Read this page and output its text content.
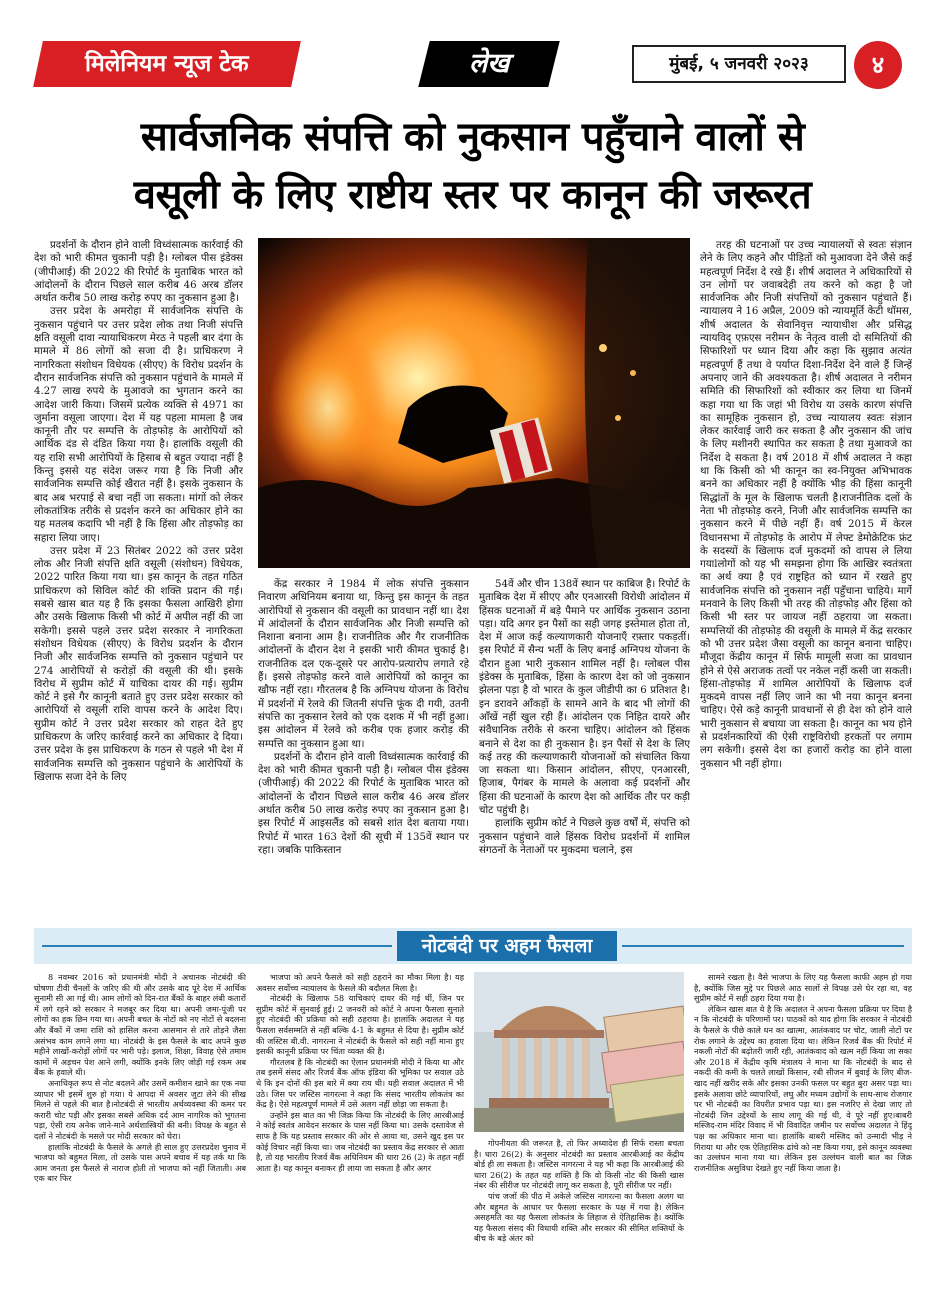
मिलेनियम न्यूज टेक	लेख	मुंबई, ५ जनवरी २०२३	४
सार्वजनिक संपत्ति को नुकसान पहुँचाने वालों से
वसूली के लिए राष्टीय स्तर पर कानून की जरूरत

प्रदर्शनों के दौरान होने वाली विध्वंसात्मक कार्रवाई की देश को भारी कीमत चुकानी पड़ी है। ग्लोबल पीस इंडेक्स (जीपीआई) की 2022 की रिपोर्ट के मुताबिक भारत को आंदोलनों के दौरान पिछले साल करीब 46 अरब डॉलर अर्थात करीब 50 लाख करोड़ रुपए का नुकसान हुआ है।

उत्तर प्रदेश के अमरोहा में सार्वजनिक संपत्ति के नुकसान पहुंचाने पर उत्तर प्रदेश लोक तथा निजी संपत्ति क्षति वसूली दावा न्यायाधिकरण मेरठ ने पहली बार दंगा के मामले में 86 लोगों को सजा दी है। प्राधिकरण ने नागरिकता संशोधन विधेयक (सीएए) के विरोध प्रदर्शन के दौरान सार्वजनिक संपत्ति को नुकसान पहुंचाने के मामले में 4.27 लाख रुपये के मुआवजे का भुगतान करने का आदेश जारी किया। जिसमें प्रत्येक व्यक्ति से 4971 का जुर्माना वसूला जाएगा। देश में यह पहला मामला है जब कानूनी तौर पर सम्पत्ति के तोड़फोड़ के आरोपियों को आर्थिक दंड से दंडित किया गया है। हालांकि वसूली की यह राशि सभी आरोपियों के हिसाब से बहुत ज्यादा नहीं है किन्तु इससे यह संदेश जरूर गया है कि निजी और सार्वजनिक सम्पत्ति कोई खैरात नहीं है। इसके नुकसान के बाद अब भरपाई से बचा नहीं जा सकता। मांगों को लेकर लोकतांत्रिक तरीके से प्रदर्शन करने का अधिकार होने का यह मतलब कदापि भी नहीं है कि हिंसा और तोड़फोड़ का सहारा लिया जाए।

उत्तर प्रदेश में 23 सितंबर 2022 को उत्तर प्रदेश लोक और निजी संपत्ति क्षति वसूली (संशोधन) विधेयक, 2022 पारित किया गया था। इस कानून के तहत गठित प्राधिकरण को सिविल कोर्ट की शक्ति प्रदान की गई। सबसे खास बात यह है कि इसका फैसला आखिरी होगा और उसके खिलाफ किसी भी कोर्ट में अपील नहीं की जा सकेगी। इससे पहले उत्तर प्रदेश सरकार ने नागरिकता संशोधन विधेयक (सीएए) के विरोध प्रदर्शन के दौरान निजी और सार्वजनिक सम्पत्ति को नुकसान पहुंचाने पर 274 आरोपियों से करोड़ों की वसूली की थी। इसके विरोध में सुप्रीम कोर्ट में याचिका दायर की गई। सुप्रीम कोर्ट ने इसे गैर कानूनी बताते हुए उत्तर प्रदेश सरकार को आरोपियों से वसूली राशि वापस करने के आदेश दिए। सुप्रीम कोर्ट ने उत्तर प्रदेश सरकार को राहत देते हुए प्राधिकरण के जरिए कार्रवाई करने का अधिकार दे दिया।उत्तर प्रदेश के इस प्राधिकरण के गठन से पहले भी देश में सार्वजनिक सम्पत्ति को नुकसान पहुंचाने के आरोपियों के खिलाफ सजा देने के लिए

केंद्र सरकार ने 1984 में लोक संपत्ति नुकसान निवारण अधिनियम बनाया था, किन्तु इस कानून के तहत आरोपियों से नुकसान की वसूली का प्रावधान नहीं था। देश में आंदोलनों के दौरान सार्वजनिक और निजी सम्पत्ति को निशाना बनाना आम है। राजनीतिक और गैर राजनीतिक आंदोलनों के दौरान देश ने इसकी भारी कीमत चुकाई है। राजनीतिक दल एक-दूसरे पर आरोप-प्रत्यारोप लगाते रहे हैं। इससे तोड़फोड़ करने वाले आरोपियों को कानून का खौफ नहीं रहा। गौरतलब है कि अग्निपथ योजना के विरोध में प्रदर्शनों में रेलवे की जितनी संपत्ति फूंक दी गयी, उतनी संपत्ति का नुकसान रेलवे को एक दशक में भी नहीं हुआ। इस आंदोलन में रेलवे को करीब एक हजार करोड़ की सम्पत्ति का नुकसान हुआ था।

प्रदर्शनों के दौरान होने वाली विध्वंसात्मक कार्रवाई की देश को भारी कीमत चुकानी पड़ी है। ग्लोबल पीस इंडेक्स (जीपीआई) की 2022 की रिपोर्ट के मुताबिक भारत को आंदोलनों के दौरान पिछले साल करीब 46 अरब डॉलर अर्थात करीब 50 लाख करोड़ रुपए का नुकसान हुआ है। इस रिपोर्ट में आइसलैंड को सबसे शांत देश बताया गया। रिपोर्ट में भारत 163 देशों की सूची में 135वें स्थान पर रहा। जबकि पाकिस्तान

54वें और चीन 138वें स्थान पर काबिज है। रिपोर्ट के मुताबिक देश में सीएए और एनआरसी विरोधी आंदोलन में हिंसक घटनाओं में बड़े पैमाने पर आर्थिक नुकसान उठाना पड़ा। यदि अगर इन पैसों का सही जगह इस्तेमाल होता तो, देश में आज कई कल्याणकारी योजनाएँ रफ़्तार पकड़तीं। इस रिपोर्ट में सैन्य भर्ती के लिए बनाई अग्निपथ योजना के दौरान हुआ भारी नुकसान शामिल नहीं है। ग्लोबल पीस इंडेक्स के मुताबिक, हिंसा के कारण देश को जो नुकसान झेलना पड़ा है वो भारत के कुल जीडीपी का 6 प्रतिशत है। इन डरावने आँकड़ों के सामने आने के बाद भी लोगों की आँखें नहीं खुल रही हैं। आंदोलन एक निहित दायरे और संवैधानिक तरीके से करना चाहिए। आंदोलन को हिंसक बनाने से देश का ही नुकसान है। इन पैसों से देश के लिए कई तरह की कल्याणकारी योजनाओं को संचालित किया जा सकता था। किसान आंदोलन, सीएए, एनआरसी, हिजाब, पैगंबर के मामले के अलावा कई प्रदर्शनों और हिंसा की घटनाओं के कारण देश को आर्थिक तौर पर कड़ी चोट पहुंची है।

हालांकि सुप्रीम कोर्ट ने पिछले कुछ वर्षों में, संपत्ति को नुकसान पहुंचाने वाले हिंसक विरोध प्रदर्शनों में शामिल संगठनों के नेताओं पर मुकदमा चलाने, इस

तरह की घटनाओं पर उच्च न्यायालयों से स्वतः संज्ञान लेने के लिए कहने और पीड़ितों को मुआवजा देने जैसे कई महत्वपूर्ण निर्देश दे रखे हैं। शीर्ष अदालत ने अधिकारियों से उन लोगों पर जवाबदेही तय करने को कहा है जो सार्वजनिक और निजी संपत्तियों को नुकसान पहुंचाते हैं। न्यायालय ने 16 अप्रैल, 2009 को न्यायमूर्ति केटी थॉमस, शीर्ष अदालत के सेवानिवृत्त न्यायाधीश और प्रसिद्ध न्यायविद् एफ़एस नरीमन के नेतृत्व वाली दो समितियों की सिफारिशों पर ध्यान दिया और कहा कि सुझाव अत्यंत महत्वपूर्ण हैं तथा वे पर्याप्त दिशा-निर्देश देने वाले हैं जिन्हें अपनाए जाने की अवश्यकता है। शीर्ष अदालत ने नरीमन समिति की सिफारिशों को स्वीकार कर लिया था जिनमें कहा गया था कि जहां भी विरोध या उसके कारण संपत्ति का सामूहिक नुकसान हो, उच्च न्यायालय स्वतः संज्ञान लेकर कार्रवाई जारी कर सकता है और नुकसान की जांच के लिए मशीनरी स्थापित कर सकता है तथा मुआवजे का निर्देश दे सकता है। वर्ष 2018 में शीर्ष अदालत ने कहा था कि किसी को भी कानून का स्व-नियुक्त अभिभावक बनने का अधिकार नहीं है क्योंकि भीड़ की हिंसा कानूनी सिद्धांतों के मूल के खिलाफ चलती है।राजनीतिक दलों के नेता भी तोड़फोड़ करने, निजी और सार्वजनिक सम्पत्ति का नुकसान करने में पीछे नहीं हैं। वर्ष 2015 में केरल विधानसभा में तोड़फोड़ के आरोप में लेफ्ट डेमोक्रेटिक फ्रंट के सदस्यों के खिलाफ दर्ज मुकदमों को वापस ले लिया गयाlलोगों को यह भी समझना होगा कि आखिर स्वतंत्रता का अर्थ क्या है एवं राष्ट्रहित को ध्यान में रखते हुए सार्वजनिक संपत्ति को नुकसान नहीं पहुँचाना चाहिये। मार्गे मनवाने के लिए किसी भी तरह की तोड़फोड़ और हिंसा को किसी भी स्तर पर जायज नहीं ठहराया जा सकता। सम्पत्तियों की तोड़फोड़ की वसूली के मामले में केंद्र सरकार को भी उत्तर प्रदेश जैसा वसूली का कानून बनाना चाहिए। मौजूदा केंद्रीय कानून में सिर्फ मामूली सजा का प्रावधान होने से ऐसे अराजक तत्वों पर नकेल नहीं कसी जा सकती। हिंसा-तोड़फोड़ में शामिल आरोपियों के खिलाफ दर्ज मुकदमे वापस नहीं लिए जाने का भी नया कानून बनना चाहिए। ऐसे कड़े कानूनी प्रावधानों से ही देश को होने वाले भारी नुकसान से बचाया जा सकता है। कानून का भय होने से प्रदर्शनकारियों की ऐसी राष्ट्रविरोधी हरकतों पर लगाम लग सकेगी। इससे देश का हजारों करोड़ का होने वाला नुकसान भी नहीं होगा।

नोटबंदी पर अहम फैसला

8 नवम्बर 2016 को प्रधानमंत्री मोदी ने अचानक नोटबंदी की घोषणा टीवी चैनलों के जरिए की थी और उसके बाद पूरे देश में आर्थिक सुनामी सी आ गई थी। आम लोगों को दिन-रात बैंकों के बाहर लंबी कतारों में लगे रहने को सरकार ने मजबूर कर दिया था। अपनी जमा-पूंजी पर लोगों का हक छिन गया था। अपनी बचत के नोटों को नए नोटों से बदलना और बैंकों में जमा राशि को हासिल करना आसमान से तारे तोड़ने जैसा असंभव काम लगने लगा था। नोटबंदी के इस फैसले के बाद अपने कुछ महीने लाखों-करोड़ों लोगों पर भारी पड़े। इलाज, शिक्षा, विवाह ऐसे तमाम कामों में अड़चन पेश आने लगी, क्योंकि इनके लिए जोड़ी गई रकम अब बैंक के हवाले थी।

अनाधिकृत रूप से नोट बदलने और उसमें कमीशन खाने का एक नया व्यापार भी इसमें शुरु हो गया। ये आपदा में अवसर जुटा लेने की सीख मिलने से पहले की बात है।नोटबंदी से भारतीय अर्थव्यवस्था की कमर पर करारी चोट पड़ी और इसका सबसे अधिक दर्द आम नागरिक को भुगतना पड़ा, ऐसी राय अनेक जाने-माने अर्थशास्त्रियों की बनी। विपक्ष के बहुत से दलों ने नोटबंदी के मसले पर मोदी सरकार को घेरा।

हालांकि नोटबंदी के फैसले के अगले ही साल हुए उत्तरप्रदेश चुनाव में भाजपा को बहुमत मिला, तो उसके पास अपने बचाव में यह तर्क था कि आम जनता इस फैसले से नाराज होती तो भाजपा को नहीं जिताती। अब एक बार फिर

भाजपा को अपने फैसले को सही ठहराने का मौका मिला है। यह अवसर सर्वोच्च न्यायालय के फैसले की बदौलत मिला है।

नोटबंदी के खिलाफ 58 याचिकाएं दायर की गई थीं, जिन पर सुप्रीम कोर्ट में सुनवाई हुई। 2 जनवरी को कोर्ट ने अपना फैसला सुनाते हुए नोटबंदी की प्रक्रिया को सही ठहराया है। हालांकि अदालत ने यह फैसला सर्वसम्मति से नहीं बल्कि 4-1 के बहुमत से दिया है। सुप्रीम कोर्ट की जस्टिस बी.वी. नागरत्ना ने नोटबंदी के फैसले को सही नहीं माना हुए इसकी कानूनी प्रक्रिया पर चिंता व्यक्त की है।

गौरतलब है कि नोटबंदी का ऐलान प्रधानमंत्री मोदी ने किया था और तब इसमें संसद और रिजर्व बैंक ऑफ इंडिया की भूमिका पर सवाल उठे थे कि इन दोनों की इस बारे में क्या राय थी। यही सवाल अदालत में भी उठे। जिस पर जस्टिस नागरत्ना ने कहा कि संसद भारतीय लोकतंत्र का केंद्र है। ऐसे महत्वपूर्ण मामले में उसे अलग नहीं छोड़ा जा सकता है।

उन्होंने इस बात का भी जिक्र किया कि नोटबंदी के लिए आरबीआई ने कोई स्वतंत्र आवेदन सरकार के पास नहीं किया था। उसके दस्तावेज से साफ है कि यह प्रस्ताव सरकार की ओर से आया था, उसने खुद इस पर कोई विचार नहीं किया था। जब नोटबंदी का प्रस्ताव केंद्र सरकार से आता है, तो यह भारतीय रिजर्व बैंक अधिनियम की धारा 26 (2) के तहत नहीं आता है। यह कानून बनाकर ही लाया जा सकता है और अगर

गोपनीयता की जरूरत है, तो फिर अध्यादेश ही सिर्फ रास्ता बचता है। धारा 26(2) के अनुसार नोटबंदी का प्रस्ताव आरबीआई का केंद्रीय बोर्ड ही ला सकता है। जस्टिस नागरत्ना ने यह भी कहा कि आरबीआई की धारा 26(2) के तहत यह शक्ति है कि वो किसी नोट की किसी खास नंबर की सीरीज पर नोटबंदी लागू कर सकता है, पूरी सीरीज पर नहीं।

पांच जजों की पीठ में अकेले जस्टिस नागरत्ना का फैसला अलग था और बहुमत के आधार पर फैसला सरकार के पक्ष में गया है। लेकिन असहमति का यह फैसला लोकतंत्र के लिहाज से ऐतिहासिक है। क्योंकि यह फैसला संसद की विधायी शक्ति और सरकार की सीमित शक्तियों के बीच के बड़े अंतर को

सामने रखता है। वैसे भाजपा के लिए यह फैसला काफी अहम हो गया है, क्योंकि जिस मुद्दे पर पिछले आठ सालों से विपक्ष उसे घेर रहा था, वह सुप्रीम कोर्ट में सही ठहरा दिया गया है।

लेकिन खास बात ये है कि अदालत ने अपना फैसला प्रक्रिया पर दिया है न कि नोटबंदी के परिणामों पर। पाठकों को याद होगा कि सरकार ने नोटबंदी के फैसले के पीछे काले धन का खात्मा, आतंकवाद पर चोट, जाली नोटों पर रोक लगाने के उद्देश्य का हवाला दिया था। लेकिन रिजर्व बैंक की रिपोर्ट में नकली नोटों की बढ़ोतरी जारी रही, आतंकवाद को खत्म नहीं किया जा सका और 2018 में केंद्रीय कृषि मंत्रालय ने माना था कि नोटबंदी के बाद से नकदी की कमी के चलते लाखों किसान, रबी सीजन में बुवाई के लिए बीज-खाद नहीं खरीद सके और इसका उनकी फसल पर बहुत बुरा असर पड़ा था। इसके अलावा छोटे व्यापारियों, लघु और मध्यम उद्योगों के साथ-साथ रोजगार पर भी नोटबंदी का विपरीत प्रभाव पड़ा था। इस नजरिए से देखा जाए तो नोटबंदी जिन उद्देश्यों के साथ लागू की गई थी, वे पूरे नहीं हुए।बाबरी मस्जिद-राम मंदिर विवाद में भी विवादित जमीन पर सर्वोच्च अदालत ने हिंदू पक्ष का अधिकार माना था। हालांकि बाबरी मस्जिद को उन्मादी भीड़ ने गिराया था और एक ऐतिहासिक ढांचे को नष्ट किया गया, इसे कानून व्यवस्था का उल्लंघन माना गया था। लेकिन इस उल्लंघन वाली बात का जिक्र राजनीतिक असुविधा देखते हुए नहीं किया जाता है।
